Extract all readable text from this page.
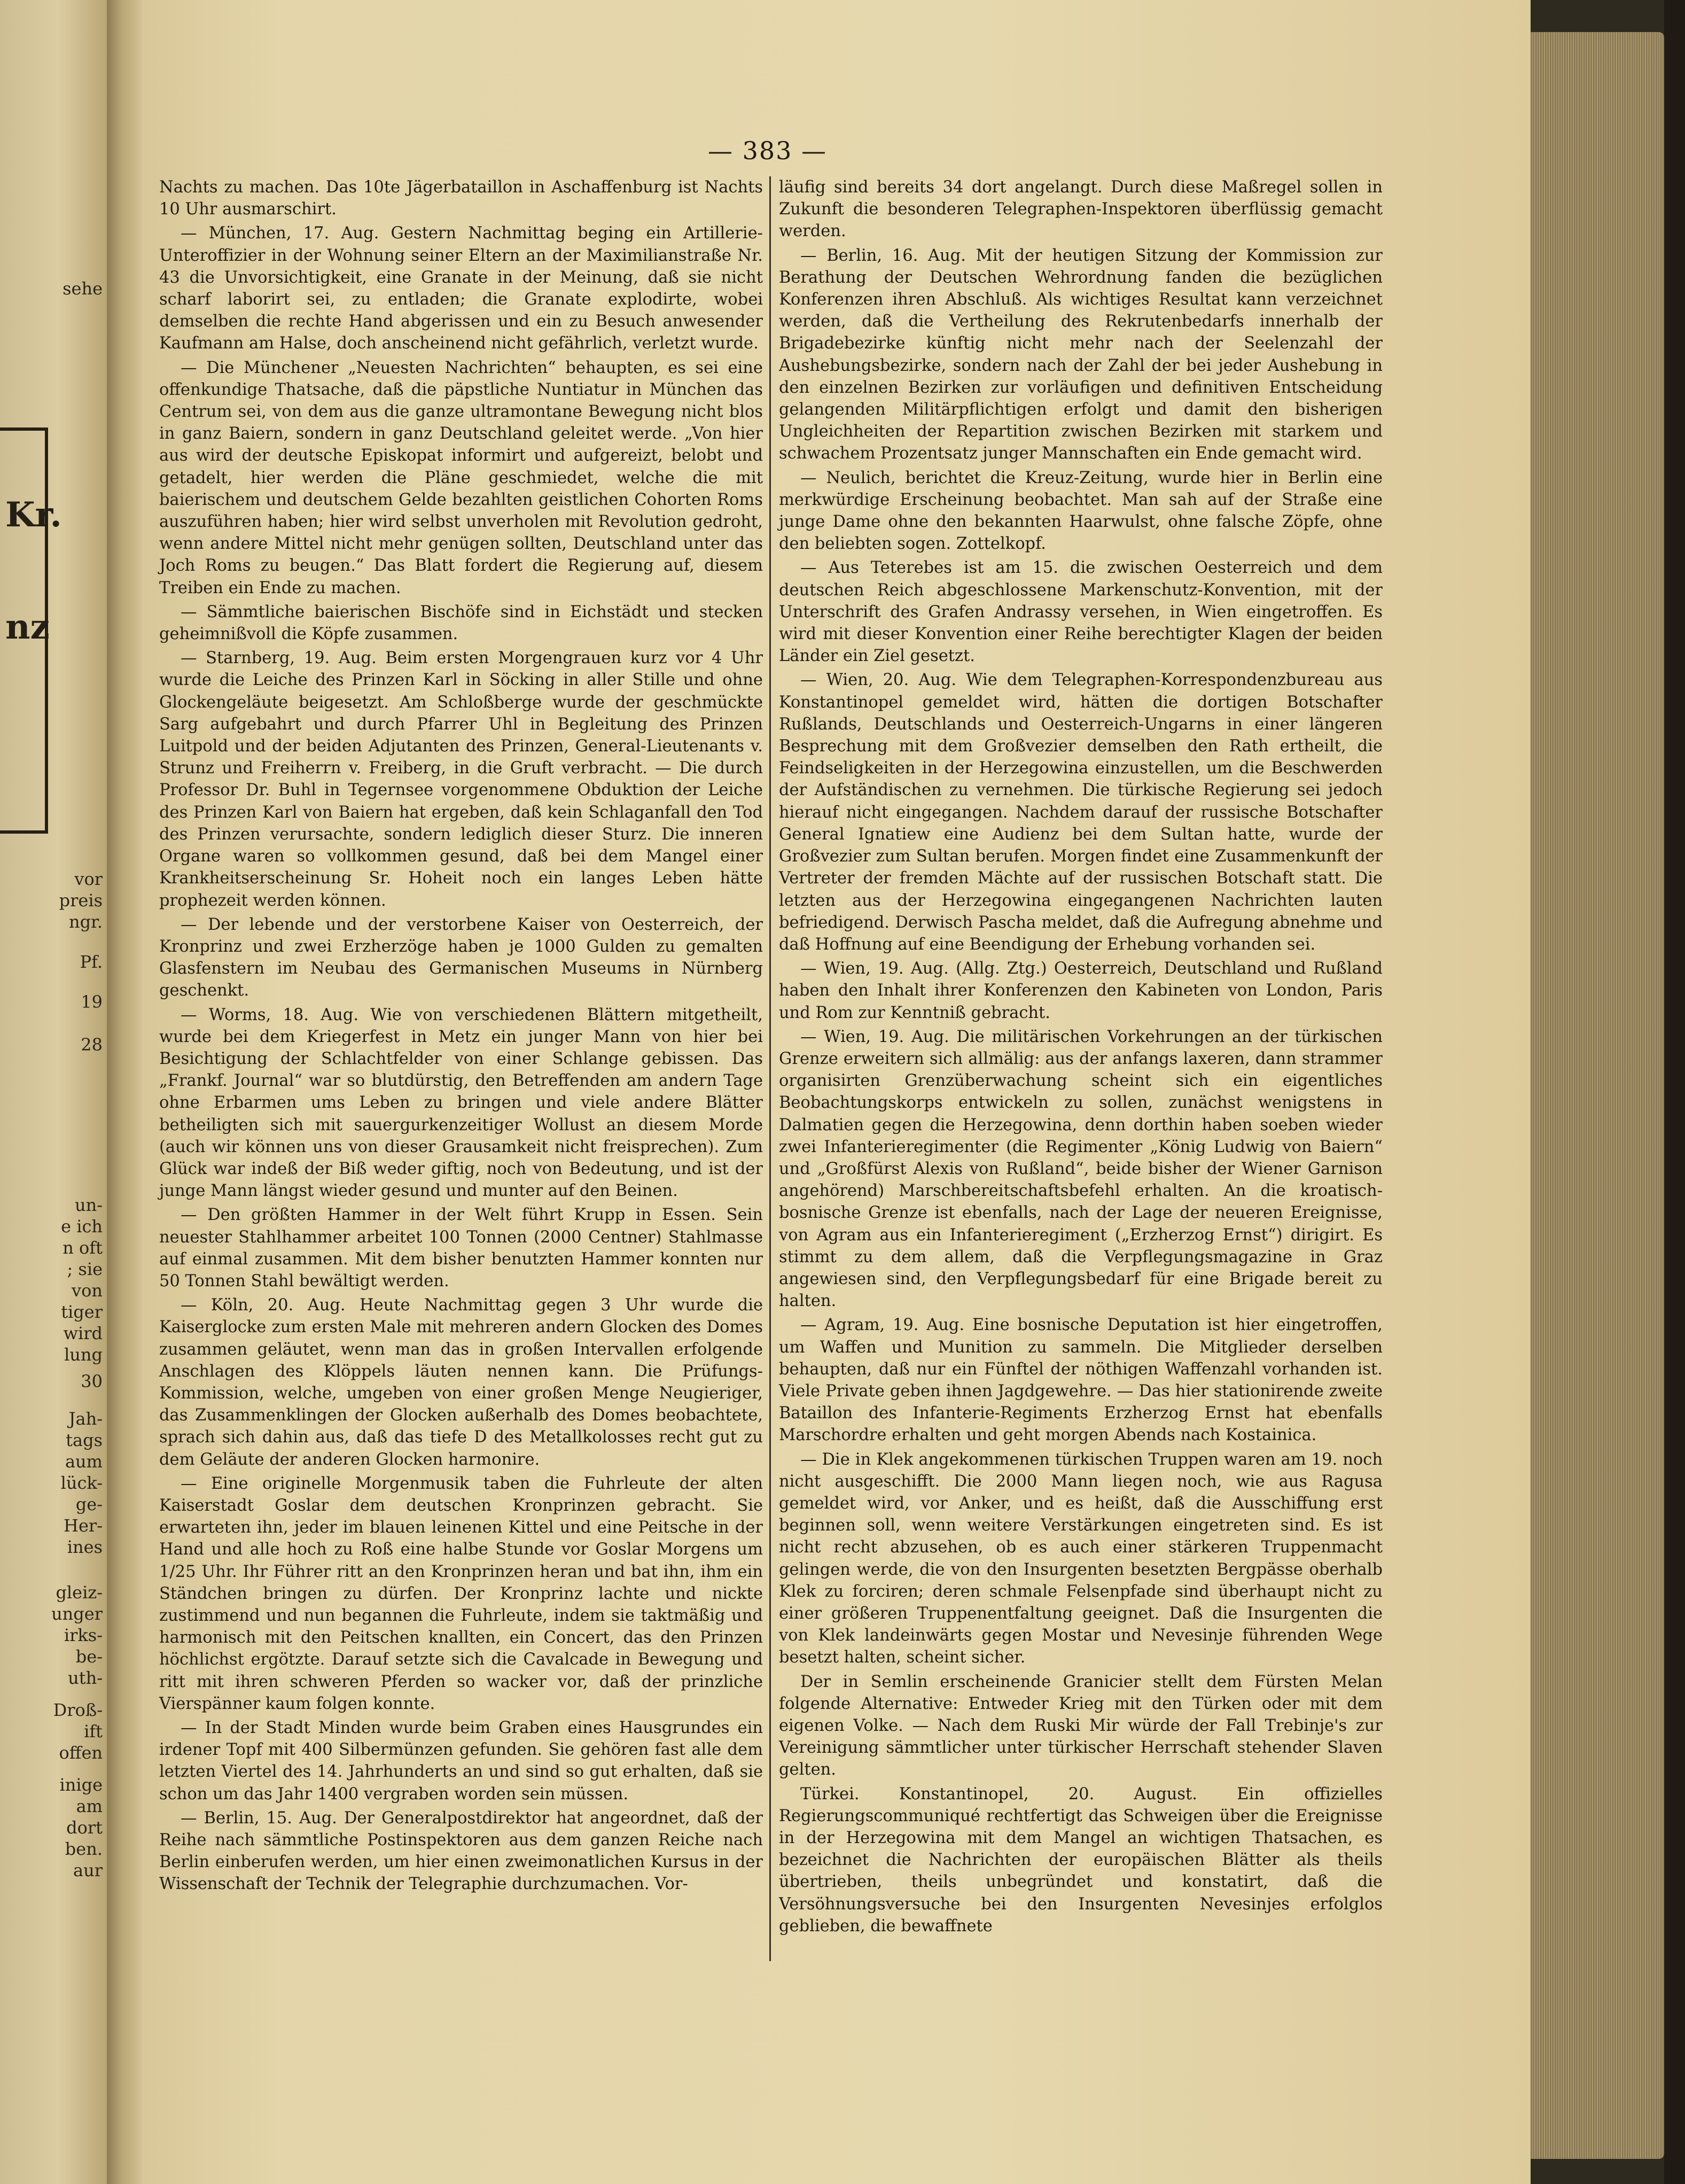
Kr.
nz
sehe
vor
preis
ngr.
Pf.
19
28
un-
e ich
n oft
; sie
von
tiger
wird
lung
30
Jah-
tags
aum
lück-
ge-
Her-
ines
gleiz-
unger
irks-
be-
uth-
Droß-
ift
offen
inige
am
dort
ben.
aur
— 383 —

Nachts zu machen. Das 10te Jägerbataillon in Aschaffenburg ist Nachts 10 Uhr ausmarschirt.

— München, 17. Aug. Gestern Nachmittag beging ein Artillerie-Unteroffizier in der Wohnung seiner Eltern an der Maximilianstraße Nr. 43 die Unvorsichtigkeit, eine Granate in der Meinung, daß sie nicht scharf laborirt sei, zu entladen; die Granate explodirte, wobei demselben die rechte Hand abgerissen und ein zu Besuch anwesender Kaufmann am Halse, doch anscheinend nicht gefährlich, verletzt wurde.

— Die Münchener „Neuesten Nachrichten“ behaupten, es sei eine offenkundige Thatsache, daß die päpstliche Nuntiatur in München das Centrum sei, von dem aus die ganze ultramontane Bewegung nicht blos in ganz Baiern, sondern in ganz Deutschland geleitet werde. „Von hier aus wird der deutsche Episkopat informirt und aufgereizt, belobt und getadelt, hier werden die Pläne geschmiedet, welche die mit baierischem und deutschem Gelde bezahlten geistlichen Cohorten Roms auszuführen haben; hier wird selbst unverholen mit Revolution gedroht, wenn andere Mittel nicht mehr genügen sollten, Deutschland unter das Joch Roms zu beugen.“ Das Blatt fordert die Regierung auf, diesem Treiben ein Ende zu machen.

— Sämmtliche baierischen Bischöfe sind in Eichstädt und stecken geheimnißvoll die Köpfe zusammen.

— Starnberg, 19. Aug. Beim ersten Morgengrauen kurz vor 4 Uhr wurde die Leiche des Prinzen Karl in Söcking in aller Stille und ohne Glockengeläute beigesetzt. Am Schloßberge wurde der geschmückte Sarg aufgebahrt und durch Pfarrer Uhl in Begleitung des Prinzen Luitpold und der beiden Adjutanten des Prinzen, General-Lieutenants v. Strunz und Freiherrn v. Freiberg, in die Gruft verbracht. — Die durch Professor Dr. Buhl in Tegernsee vorgenommene Obduktion der Leiche des Prinzen Karl von Baiern hat ergeben, daß kein Schlaganfall den Tod des Prinzen verursachte, sondern lediglich dieser Sturz. Die inneren Organe waren so vollkommen gesund, daß bei dem Mangel einer Krankheitserscheinung Sr. Hoheit noch ein langes Leben hätte prophezeit werden können.

— Der lebende und der verstorbene Kaiser von Oesterreich, der Kronprinz und zwei Erzherzöge haben je 1000 Gulden zu gemalten Glasfenstern im Neubau des Germanischen Museums in Nürnberg geschenkt.

— Worms, 18. Aug. Wie von verschiedenen Blättern mitgetheilt, wurde bei dem Kriegerfest in Metz ein junger Mann von hier bei Besichtigung der Schlachtfelder von einer Schlange gebissen. Das „Frankf. Journal“ war so blutdürstig, den Betreffenden am andern Tage ohne Erbarmen ums Leben zu bringen und viele andere Blätter betheiligten sich mit sauergurkenzeitiger Wollust an diesem Morde (auch wir können uns von dieser Grausamkeit nicht freisprechen). Zum Glück war indeß der Biß weder giftig, noch von Bedeutung, und ist der junge Mann längst wieder gesund und munter auf den Beinen.

— Den größten Hammer in der Welt führt Krupp in Essen. Sein neuester Stahlhammer arbeitet 100 Tonnen (2000 Centner) Stahlmasse auf einmal zusammen. Mit dem bisher benutzten Hammer konnten nur 50 Tonnen Stahl bewältigt werden.

— Köln, 20. Aug. Heute Nachmittag gegen 3 Uhr wurde die Kaiserglocke zum ersten Male mit mehreren andern Glocken des Domes zusammen geläutet, wenn man das in großen Intervallen erfolgende Anschlagen des Klöppels läuten nennen kann. Die Prüfungs-Kommission, welche, umgeben von einer großen Menge Neugieriger, das Zusammenklingen der Glocken außerhalb des Domes beobachtete, sprach sich dahin aus, daß das tiefe D des Metallkolosses recht gut zu dem Geläute der anderen Glocken harmonire.

— Eine originelle Morgenmusik taben die Fuhrleute der alten Kaiserstadt Goslar dem deutschen Kronprinzen gebracht. Sie erwarteten ihn, jeder im blauen leinenen Kittel und eine Peitsche in der Hand und alle hoch zu Roß eine halbe Stunde vor Goslar Morgens um 1/25 Uhr. Ihr Führer ritt an den Kronprinzen heran und bat ihn, ihm ein Ständchen bringen zu dürfen. Der Kronprinz lachte und nickte zustimmend und nun begannen die Fuhrleute, indem sie taktmäßig und harmonisch mit den Peitschen knallten, ein Concert, das den Prinzen höchlichst ergötzte. Darauf setzte sich die Cavalcade in Bewegung und ritt mit ihren schweren Pferden so wacker vor, daß der prinzliche Vierspänner kaum folgen konnte.

— In der Stadt Minden wurde beim Graben eines Hausgrundes ein irdener Topf mit 400 Silbermünzen gefunden. Sie gehören fast alle dem letzten Viertel des 14. Jahrhunderts an und sind so gut erhalten, daß sie schon um das Jahr 1400 vergraben worden sein müssen.

— Berlin, 15. Aug. Der Generalpostdirektor hat angeordnet, daß der Reihe nach sämmtliche Postinspektoren aus dem ganzen Reiche nach Berlin einberufen werden, um hier einen zweimonatlichen Kursus in der Wissenschaft der Technik der Telegraphie durchzumachen. Vor-

läufig sind bereits 34 dort angelangt. Durch diese Maßregel sollen in Zukunft die besonderen Telegraphen-Inspektoren überflüssig gemacht werden.

— Berlin, 16. Aug. Mit der heutigen Sitzung der Kommission zur Berathung der Deutschen Wehrordnung fanden die bezüglichen Konferenzen ihren Abschluß. Als wichtiges Resultat kann verzeichnet werden, daß die Vertheilung des Rekrutenbedarfs innerhalb der Brigadebezirke künftig nicht mehr nach der Seelenzahl der Aushebungsbezirke, sondern nach der Zahl der bei jeder Aushebung in den einzelnen Bezirken zur vorläufigen und definitiven Entscheidung gelangenden Militärpflichtigen erfolgt und damit den bisherigen Ungleichheiten der Repartition zwischen Bezirken mit starkem und schwachem Prozentsatz junger Mannschaften ein Ende gemacht wird.

— Neulich, berichtet die Kreuz-Zeitung, wurde hier in Berlin eine merkwürdige Erscheinung beobachtet. Man sah auf der Straße eine junge Dame ohne den bekannten Haarwulst, ohne falsche Zöpfe, ohne den beliebten sogen. Zottelkopf.

— Aus Teterebes ist am 15. die zwischen Oesterreich und dem deutschen Reich abgeschlossene Markenschutz-Konvention, mit der Unterschrift des Grafen Andrassy versehen, in Wien eingetroffen. Es wird mit dieser Konvention einer Reihe berechtigter Klagen der beiden Länder ein Ziel gesetzt.

— Wien, 20. Aug. Wie dem Telegraphen-Korrespondenzbureau aus Konstantinopel gemeldet wird, hätten die dortigen Botschafter Rußlands, Deutschlands und Oesterreich-Ungarns in einer längeren Besprechung mit dem Großvezier demselben den Rath ertheilt, die Feindseligkeiten in der Herzegowina einzustellen, um die Beschwerden der Aufständischen zu vernehmen. Die türkische Regierung sei jedoch hierauf nicht eingegangen. Nachdem darauf der russische Botschafter General Ignatiew eine Audienz bei dem Sultan hatte, wurde der Großvezier zum Sultan berufen. Morgen findet eine Zusammenkunft der Vertreter der fremden Mächte auf der russischen Botschaft statt. Die letzten aus der Herzegowina eingegangenen Nachrichten lauten befriedigend. Derwisch Pascha meldet, daß die Aufregung abnehme und daß Hoffnung auf eine Beendigung der Erhebung vorhanden sei.

— Wien, 19. Aug. (Allg. Ztg.) Oesterreich, Deutschland und Rußland haben den Inhalt ihrer Konferenzen den Kabineten von London, Paris und Rom zur Kenntniß gebracht.

— Wien, 19. Aug. Die militärischen Vorkehrungen an der türkischen Grenze erweitern sich allmälig: aus der anfangs laxeren, dann strammer organisirten Grenzüberwachung scheint sich ein eigentliches Beobachtungskorps entwickeln zu sollen, zunächst wenigstens in Dalmatien gegen die Herzegowina, denn dorthin haben soeben wieder zwei Infanterieregimenter (die Regimenter „König Ludwig von Baiern“ und „Großfürst Alexis von Rußland“, beide bisher der Wiener Garnison angehörend) Marschbereitschaftsbefehl erhalten. An die kroatisch-bosnische Grenze ist ebenfalls, nach der Lage der neueren Ereignisse, von Agram aus ein Infanterieregiment („Erzherzog Ernst“) dirigirt. Es stimmt zu dem allem, daß die Verpflegungsmagazine in Graz angewiesen sind, den Verpflegungsbedarf für eine Brigade bereit zu halten.

— Agram, 19. Aug. Eine bosnische Deputation ist hier eingetroffen, um Waffen und Munition zu sammeln. Die Mitglieder derselben behaupten, daß nur ein Fünftel der nöthigen Waffenzahl vorhanden ist. Viele Private geben ihnen Jagdgewehre. — Das hier stationirende zweite Bataillon des Infanterie-Regiments Erzherzog Ernst hat ebenfalls Marschordre erhalten und geht morgen Abends nach Kostainica.

— Die in Klek angekommenen türkischen Truppen waren am 19. noch nicht ausgeschifft. Die 2000 Mann liegen noch, wie aus Ragusa gemeldet wird, vor Anker, und es heißt, daß die Ausschiffung erst beginnen soll, wenn weitere Verstärkungen eingetreten sind. Es ist nicht recht abzusehen, ob es auch einer stärkeren Truppenmacht gelingen werde, die von den Insurgenten besetzten Bergpässe oberhalb Klek zu forciren; deren schmale Felsenpfade sind überhaupt nicht zu einer größeren Truppenentfaltung geeignet. Daß die Insurgenten die von Klek landeinwärts gegen Mostar und Nevesinje führenden Wege besetzt halten, scheint sicher.

Der in Semlin erscheinende Granicier stellt dem Fürsten Melan folgende Alternative: Entweder Krieg mit den Türken oder mit dem eigenen Volke. — Nach dem Ruski Mir würde der Fall Trebinje's zur Vereinigung sämmtlicher unter türkischer Herrschaft stehender Slaven gelten.

Türkei. Konstantinopel, 20. August. Ein offizielles Regierungscommuniqué rechtfertigt das Schweigen über die Ereignisse in der Herzegowina mit dem Mangel an wichtigen Thatsachen, es bezeichnet die Nachrichten der europäischen Blätter als theils übertrieben, theils unbegründet und konstatirt, daß die Versöhnungsversuche bei den Insurgenten Nevesinjes erfolglos geblieben, die bewaffnete
